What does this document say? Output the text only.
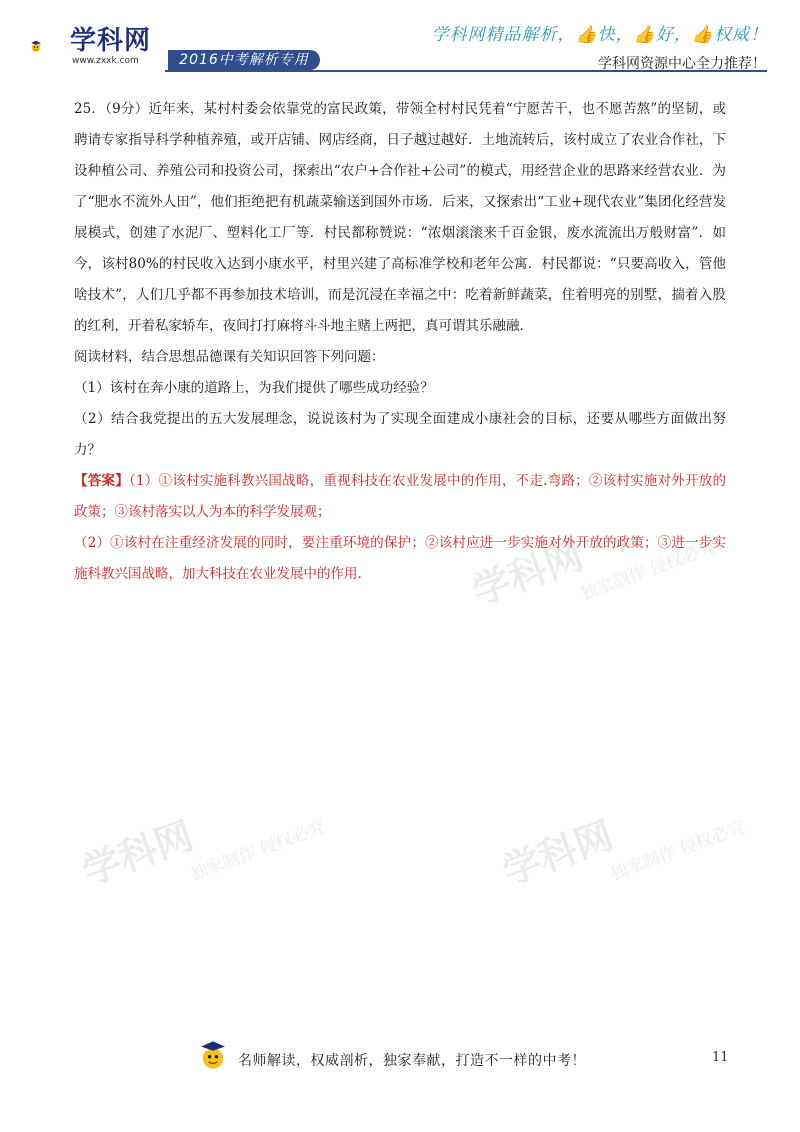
学科网
www.zxxk.com	2016中考解析专用
学科网精品解析，👍快，👍好，👍权威！
学科网资源中心全力推荐！
学科网
独家制作 侵权必究
学科网
独家制作 侵权必究	学科网
独家制作 侵权必究

25．（9分）近年来，某村村委会依靠党的富民政策，带领全村村民凭着“宁愿苦干，也不愿苦熬”的坚韧，或聘请专家指导科学种植养殖，或开店铺、网店经商，日子越过越好．土地流转后，该村成立了农业合作社，下设种植公司、养殖公司和投资公司，探索出“农户+合作社+公司”的模式，用经营企业的思路来经营农业．为了“肥水不流外人田”，他们拒绝把有机蔬菜输送到国外市场．后来，又探索出“工业+现代农业”集团化经营发展模式，创建了水泥厂、塑料化工厂等．村民都称赞说：“浓烟滚滚来千百金银，废水流流出万般财富”．如今，该村80%的村民收入达到小康水平，村里兴建了高标准学校和老年公寓．村民都说：“只要高收入，管他啥技术”，人们几乎都不再参加技术培训，而是沉浸在幸福之中：吃着新鲜蔬菜，住着明亮的别墅，揣着入股的红利，开着私家轿车，夜间打打麻将斗斗地主赌上两把，真可谓其乐融融．

阅读材料，结合思想品德课有关知识回答下列问题：

（1）该村在奔小康的道路上，为我们提供了哪些成功经验？

（2）结合我党提出的五大发展理念，说说该村为了实现全面建成小康社会的目标，还要从哪些方面做出努力？

【答案】（1）①该村实施科教兴国战略，重视科技在农业发展中的作用，不走.弯路；②该村实施对外开放的政策；③该村落实以人为本的科学发展观；

（2）①该村在注重经济发展的同时，要注重环境的保护；②该村应进一步实施对外开放的政策；③进一步实施科教兴国战略，加大科技在农业发展中的作用.

名师解读，权威剖析，独家奉献，打造不一样的中考！	11
